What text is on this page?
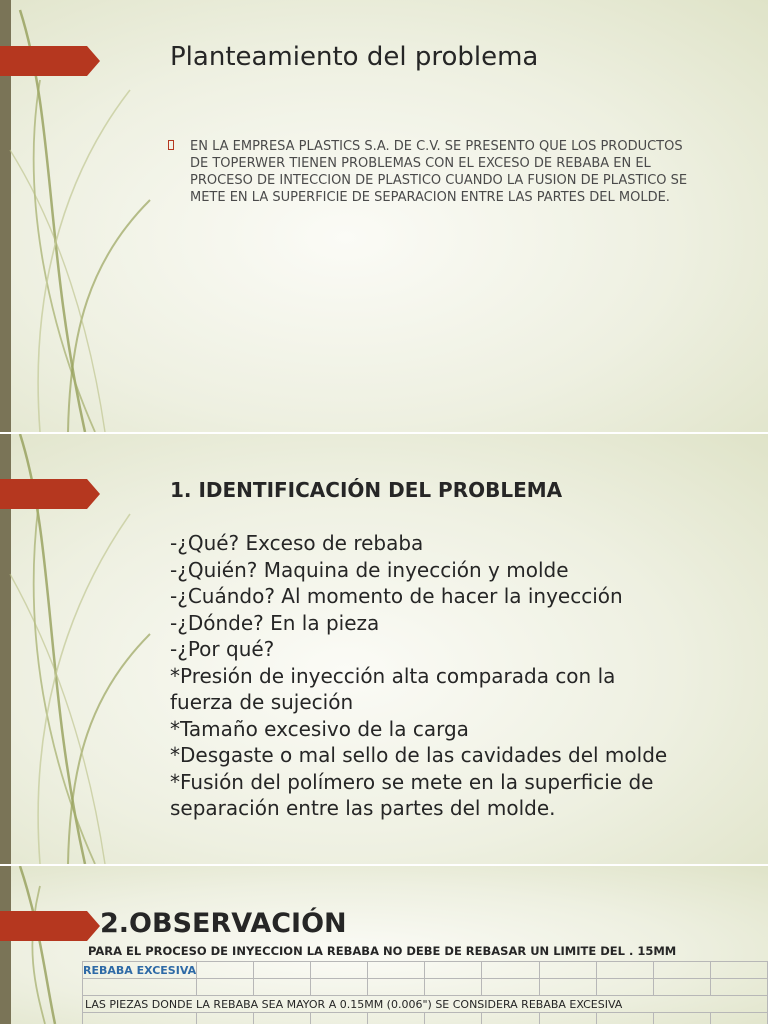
Planteamiento del problema
EN LA EMPRESA PLASTICS S.A. DE C.V. SE PRESENTO QUE LOS PRODUCTOS DE TOPERWER TIENEN PROBLEMAS CON EL EXCESO DE REBABA EN EL PROCESO DE INTECCION DE PLASTICO CUANDO LA FUSION DE PLASTICO SE METE EN LA SUPERFICIE DE SEPARACION ENTRE LAS PARTES DEL MOLDE.
1. IDENTIFICACIÓN DEL PROBLEMA
-¿Qué? Exceso de rebaba
-¿Quién? Maquina de inyección y molde
-¿Cuándo? Al momento de hacer la inyección
-¿Dónde? En la pieza
-¿Por qué?
*Presión de inyección alta comparada con la
fuerza de sujeción
*Tamaño excesivo de la carga
*Desgaste o mal sello de las cavidades del molde
*Fusión del polímero se mete en la superficie de
separación entre las partes del molde.
2.OBSERVACIÓN
PARA EL PROCESO DE INYECCION LA REBABA NO DEBE DE REBASAR UN LIMITE DEL . 15MM
REBABA EXCESIVA										

LAS PIEZAS DONDE LA REBABA SEA MAYOR A 0.15MM (0.006") SE CONSIDERA REBABA EXCESIVA										
